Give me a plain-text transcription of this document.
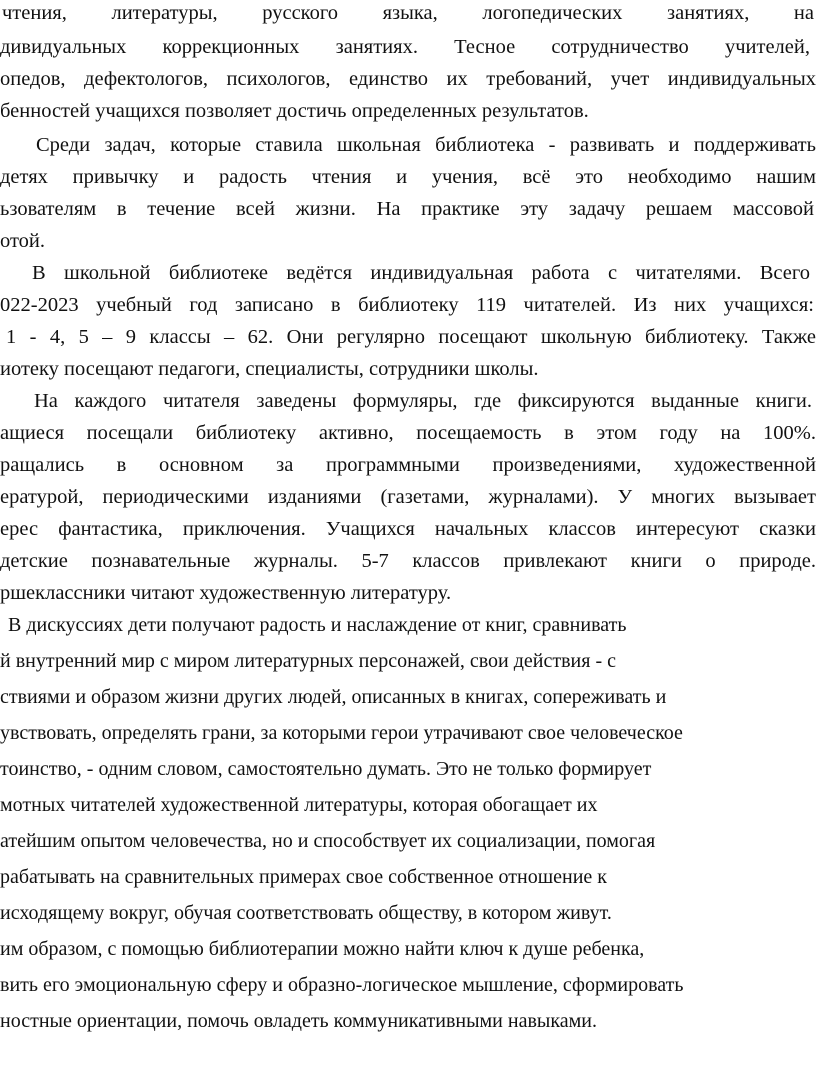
чтения, литературы, русского языка, логопедических занятиях, на
дивидуальных коррекционных занятиях. Тесное сотрудничество учителей,
опедов, дефектологов, психологов, единство их требований, учет индивидуальных
бенностей учащихся позволяет достичь определенных результатов.
Среди задач, которые ставила школьная библиотека - развивать и поддерживать
детях привычку и радость чтения и учения, всё это необходимо нашим
ьзователям в течение всей жизни. На практике эту задачу решаем массовой
отой.
В школьной библиотеке ведётся индивидуальная работа с читателями. Всего
022-2023 учебный год записано в библиотеку 119 читателей. Из них учащихся:
1 - 4, 5 – 9 классы – 62. Они регулярно посещают школьную библиотеку. Также
иотеку посещают педагоги, специалисты, сотрудники школы.
На каждого читателя заведены формуляры, где фиксируются выданные книги.
ащиеся посещали библиотеку активно, посещаемость в этом году на 100%.
ращались в основном за программными произведениями, художественной
ературой, периодическими изданиями (газетами, журналами). У многих вызывает
ерес фантастика, приключения. Учащихся начальных классов интересуют сказки
детские познавательные журналы. 5-7 классов привлекают книги о природе.
ршеклассники читают художественную литературу.
В дискуссиях дети получают радость и наслаждение от книг, сравнивать
й внутренний мир с миром литературных персонажей, свои действия - с
ствиями и образом жизни других людей, описанных в книгах, сопереживать и
увствовать, определять грани, за которыми герои утрачивают свое человеческое
тоинство, - одним словом, самостоятельно думать. Это не только формирует
мотных читателей художественной литературы, которая обогащает их
атейшим опытом человечества, но и способствует их социализации, помогая
рабатывать на сравнительных примерах свое собственное отношение к
исходящему вокруг, обучая соответствовать обществу, в котором живут.
им образом, с помощью библиотерапии можно найти ключ к душе ребенка,
вить его эмоциональную сферу и образно-логическое мышление, сформировать
ностные ориентации, помочь овладеть коммуникативными навыками.
